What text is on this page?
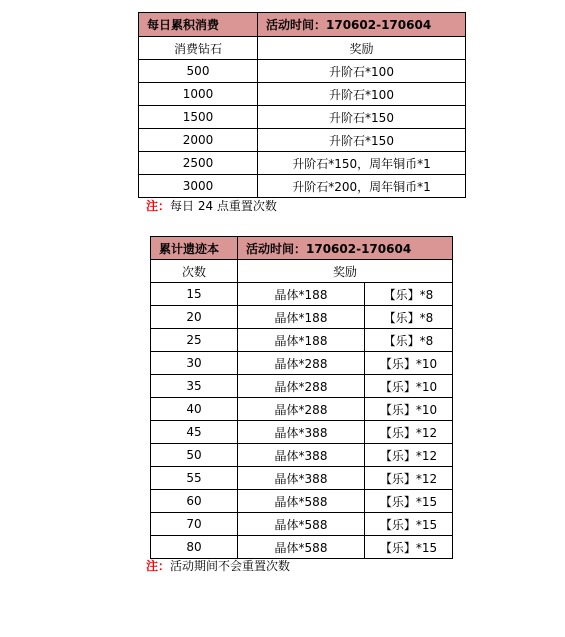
每日累积消费	活动时间：170602-170604
消费钻石	奖励
500	升阶石*100
1000	升阶石*100
1500	升阶石*150
2000	升阶石*150
2500	升阶石*150，周年铜币*1
3000	升阶石*200，周年铜币*1
注：每日 24 点重置次数
累计遗迹本	活动时间：170602-170604	
次数	奖励	
15	晶体*188	【乐】*8
20	晶体*188	【乐】*8
25	晶体*188	【乐】*8
30	晶体*288	【乐】*10
35	晶体*288	【乐】*10
40	晶体*288	【乐】*10
45	晶体*388	【乐】*12
50	晶体*388	【乐】*12
55	晶体*388	【乐】*12
60	晶体*588	【乐】*15
70	晶体*588	【乐】*15
80	晶体*588	【乐】*15
注：活动期间不会重置次数
